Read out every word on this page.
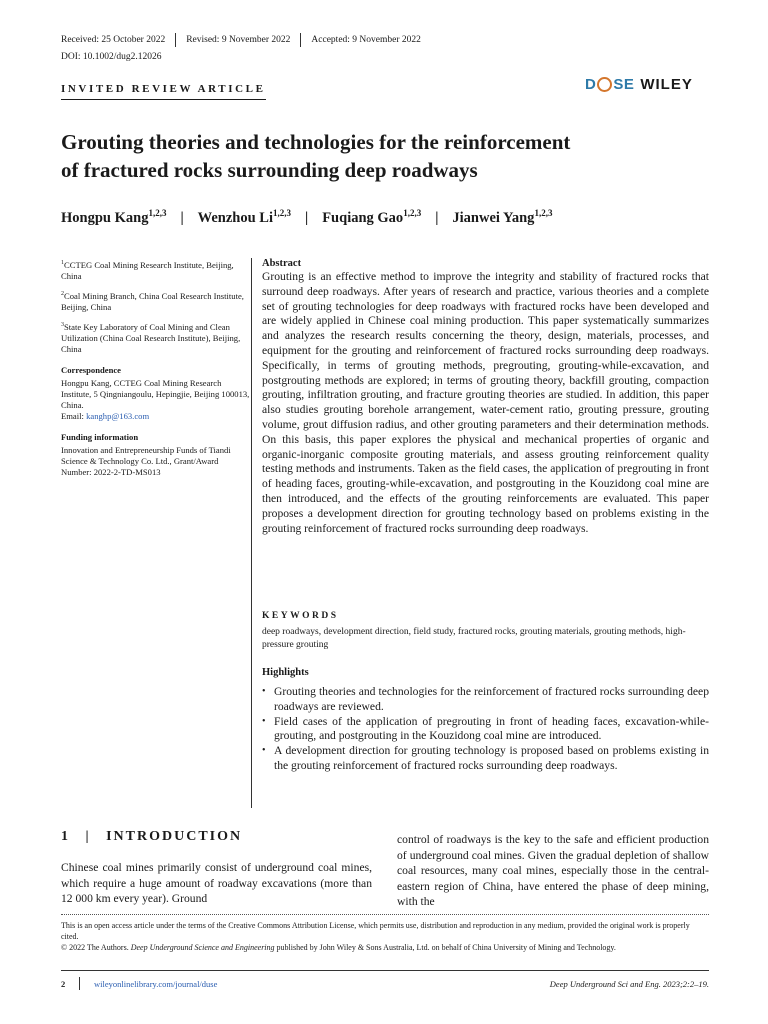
Received: 25 October 2022 Revised: 9 November 2022 Accepted: 9 November 2022
DOI: 10.1002/dug2.12026
INVITED REVIEW ARTICLE	D SE WILEY
Grouting theories and technologies for the reinforcement
of fractured rocks surrounding deep roadways
Hongpu Kang$^{1,2,3}$ | Wenzhou Li$^{1,2,3}$ | Fuqiang Gao$^{1,2,3}$ | Jianwei Yang$^{1,2,3}$

$^1$CCTEG Coal Mining Research Institute, Beijing, China

$^2$Coal Mining Branch, China Coal Research Institute, Beijing, China

$^3$State Key Laboratory of Coal Mining and Clean Utilization (China Coal Research Institute), Beijing, China

Correspondence

Hongpu Kang, CCTEG Coal Mining Research Institute, 5 Qingniangoulu, Hepingjie, Beijing 100013, China.

Email: kanghp@163.com

Funding information

Innovation and Entrepreneurship Funds of Tiandi Science & Technology Co. Ltd., Grant/Award Number: 2022-2-TD-MS013

Abstract
Grouting is an effective method to improve the integrity and stability of fractured rocks that surround deep roadways. After years of research and practice, various theories and a complete set of grouting technologies for deep roadways with fractured rocks have been developed and are widely applied in Chinese coal mining production. This paper systematically summarizes and analyzes the research results concerning the theory, design, materials, processes, and equipment for the grouting and reinforcement of fractured rocks surrounding deep roadways. Specifically, in terms of grouting methods, pregrouting, grouting-while-excavation, and postgrouting methods are explored; in terms of grouting theory, backfill grouting, compaction grouting, infiltration grouting, and fracture grouting theories are studied. In addition, this paper also studies grouting borehole arrangement, water-cement ratio, grouting pressure, grouting volume, grout diffusion radius, and other grouting parameters and their determination methods. On this basis, this paper explores the physical and mechanical properties of organic and organic-inorganic composite grouting materials, and assess grouting reinforcement quality testing methods and instruments. Taken as the field cases, the application of pregrouting in front of heading faces, grouting-while-excavation, and postgrouting in the Kouzidong coal mine are then introduced, and the effects of the grouting reinforcements are evaluated. This paper proposes a development direction for grouting technology based on problems existing in the grouting reinforcement of fractured rocks surrounding deep roadways.
KEYWORDS
deep roadways, development direction, field study, fractured rocks, grouting materials, grouting methods, high-pressure grouting
Highlights
• Grouting theories and technologies for the reinforcement of fractured rocks surrounding deep roadways are reviewed.
• Field cases of the application of pregrouting in front of heading faces, excavation-while-grouting, and postgrouting in the Kouzidong coal mine are introduced.
• A development direction for grouting technology is proposed based on problems existing in the grouting reinforcement of fractured rocks surrounding deep roadways.
1 | INTRODUCTION
Chinese coal mines primarily consist of underground coal mines, which require a huge amount of roadway excavations (more than 12 000 km every year). Ground
control of roadways is the key to the safe and efficient production of underground coal mines. Given the gradual depletion of shallow coal resources, many coal mines, especially those in the central-eastern region of China, have entered the phase of deep mining, with the
This is an open access article under the terms of the Creative Commons Attribution License, which permits use, distribution and reproduction in any medium, provided the original work is properly cited.
© 2022 The Authors. Deep Underground Science and Engineering published by John Wiley & Sons Australia, Ltd. on behalf of China University of Mining and Technology.
2	wileyonlinelibrary.com/journal/duse	Deep Underground Sci and Eng. 2023;2:2–19.
